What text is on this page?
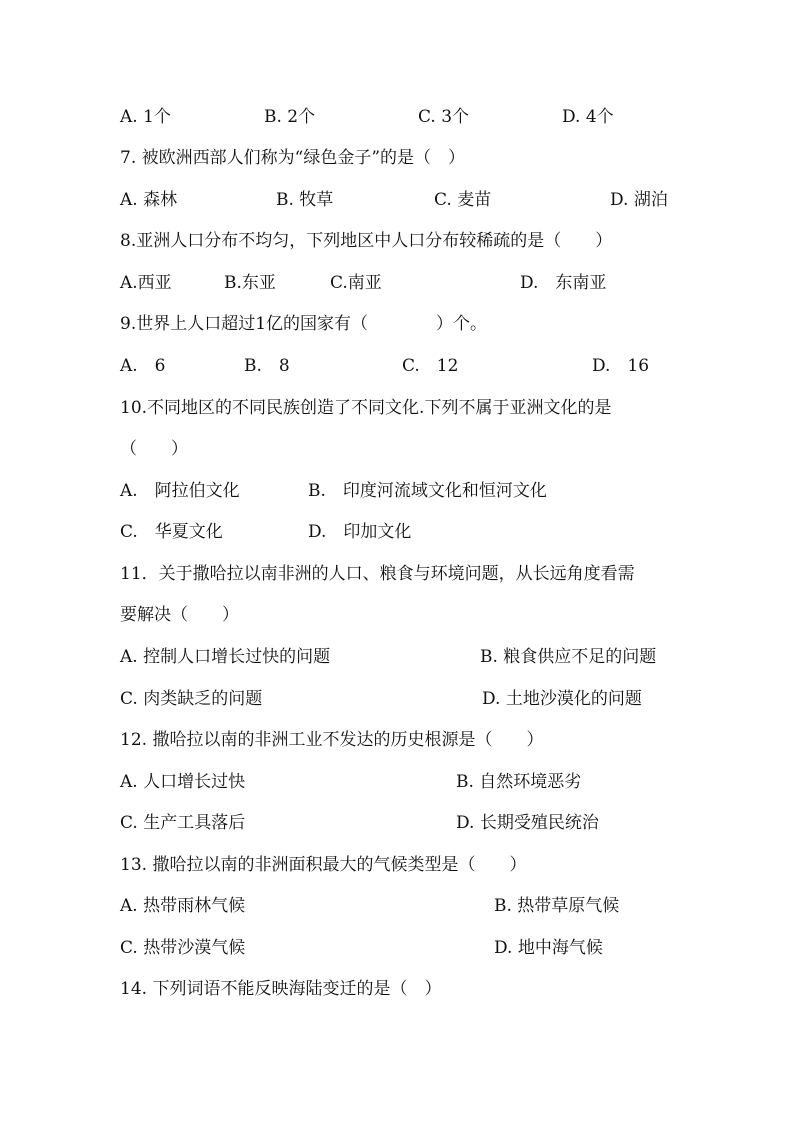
A. 1个	B. 2个	C. 3个	D. 4个
7. 被欧洲西部人们称为“绿色金子”的是（　）
A. 森林	B. 牧草	C. 麦苗	D. 湖泊
8.亚洲人口分布不均匀，下列地区中人口分布较稀疏的是（　　）
A.西亚	B.东亚	C.南亚	D.　东南亚
9.世界上人口超过1亿的国家有（　　　　）个。
A.　6	B.　8	C.　12	D.　16
10.不同地区的不同民族创造了不同文化.下列不属于亚洲文化的是
（　　）
A.　阿拉伯文化	B.　印度河流域文化和恒河文化
C.　华夏文化	D.　印加文化
11．关于撒哈拉以南非洲的人口、粮食与环境问题，从长远角度看需
要解决（　　）
A. 控制人口增长过快的问题	B. 粮食供应不足的问题
C. 肉类缺乏的问题	D. 土地沙漠化的问题
12. 撒哈拉以南的非洲工业不发达的历史根源是（　　）
A. 人口增长过快	B. 自然环境恶劣
C. 生产工具落后	D. 长期受殖民统治
13. 撒哈拉以南的非洲面积最大的气候类型是（　　）
A. 热带雨林气候	B. 热带草原气候
C. 热带沙漠气候	D. 地中海气候
14. 下列词语不能反映海陆变迁的是（　）
